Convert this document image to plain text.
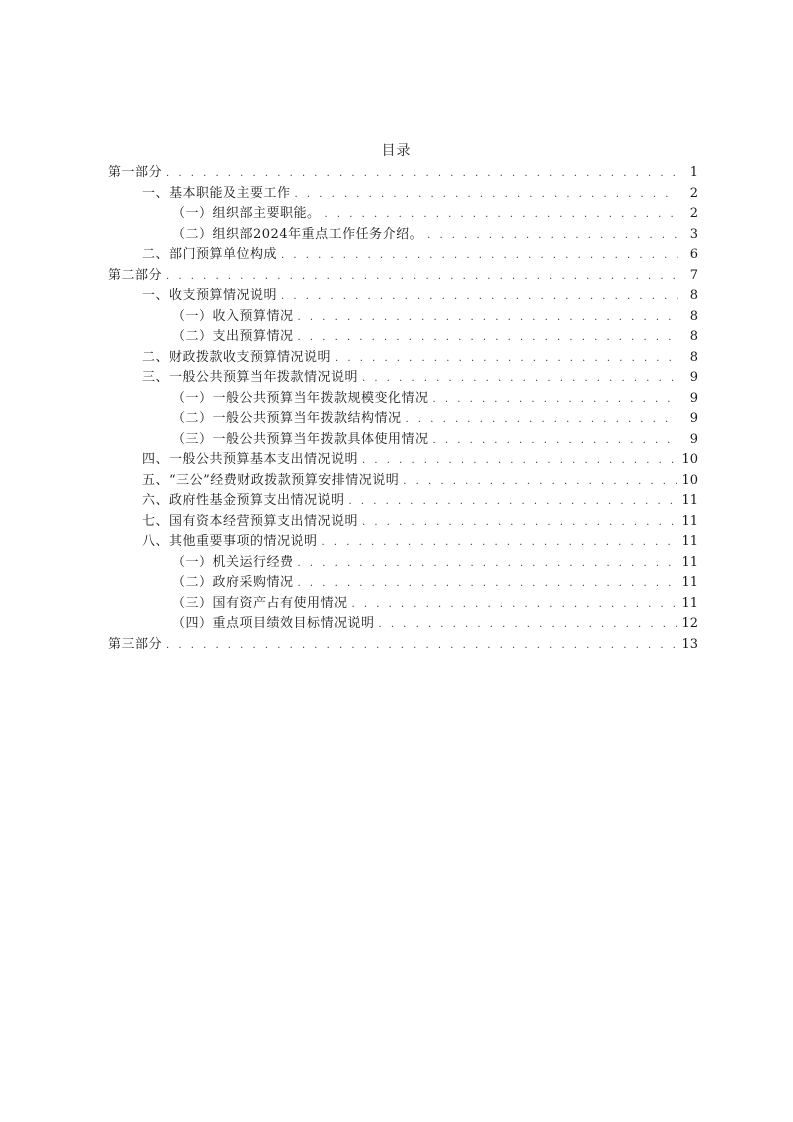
目录
第一部分 . . .	1
一、基本职能及主要工作 . . .	2
（一）组织部主要职能。 . . .	2
（二）组织部2024年重点工作任务介绍。 . . .	3
二、部门预算单位构成 . . .	6
第二部分 . . .	7
一、收支预算情况说明 . . .	8
（一）收入预算情况 . . .	8
（二）支出预算情况 . . .	8
二、财政拨款收支预算情况说明 . . .	8
三、一般公共预算当年拨款情况说明 . . .	9
（一）一般公共预算当年拨款规模变化情况 . . .	9
（二）一般公共预算当年拨款结构情况 . . .	9
（三）一般公共预算当年拨款具体使用情况 . . .	9
四、一般公共预算基本支出情况说明 . . .	10
五、“三公”经费财政拨款预算安排情况说明 . . .	10
六、政府性基金预算支出情况说明 . . .	11
七、国有资本经营预算支出情况说明 . . .	11
八、其他重要事项的情况说明 . . .	11
（一）机关运行经费 . . .	11
（二）政府采购情况 . . .	11
（三）国有资产占有使用情况 . . .	11
（四）重点项目绩效目标情况说明 . . .	12
第三部分 . . .	13
